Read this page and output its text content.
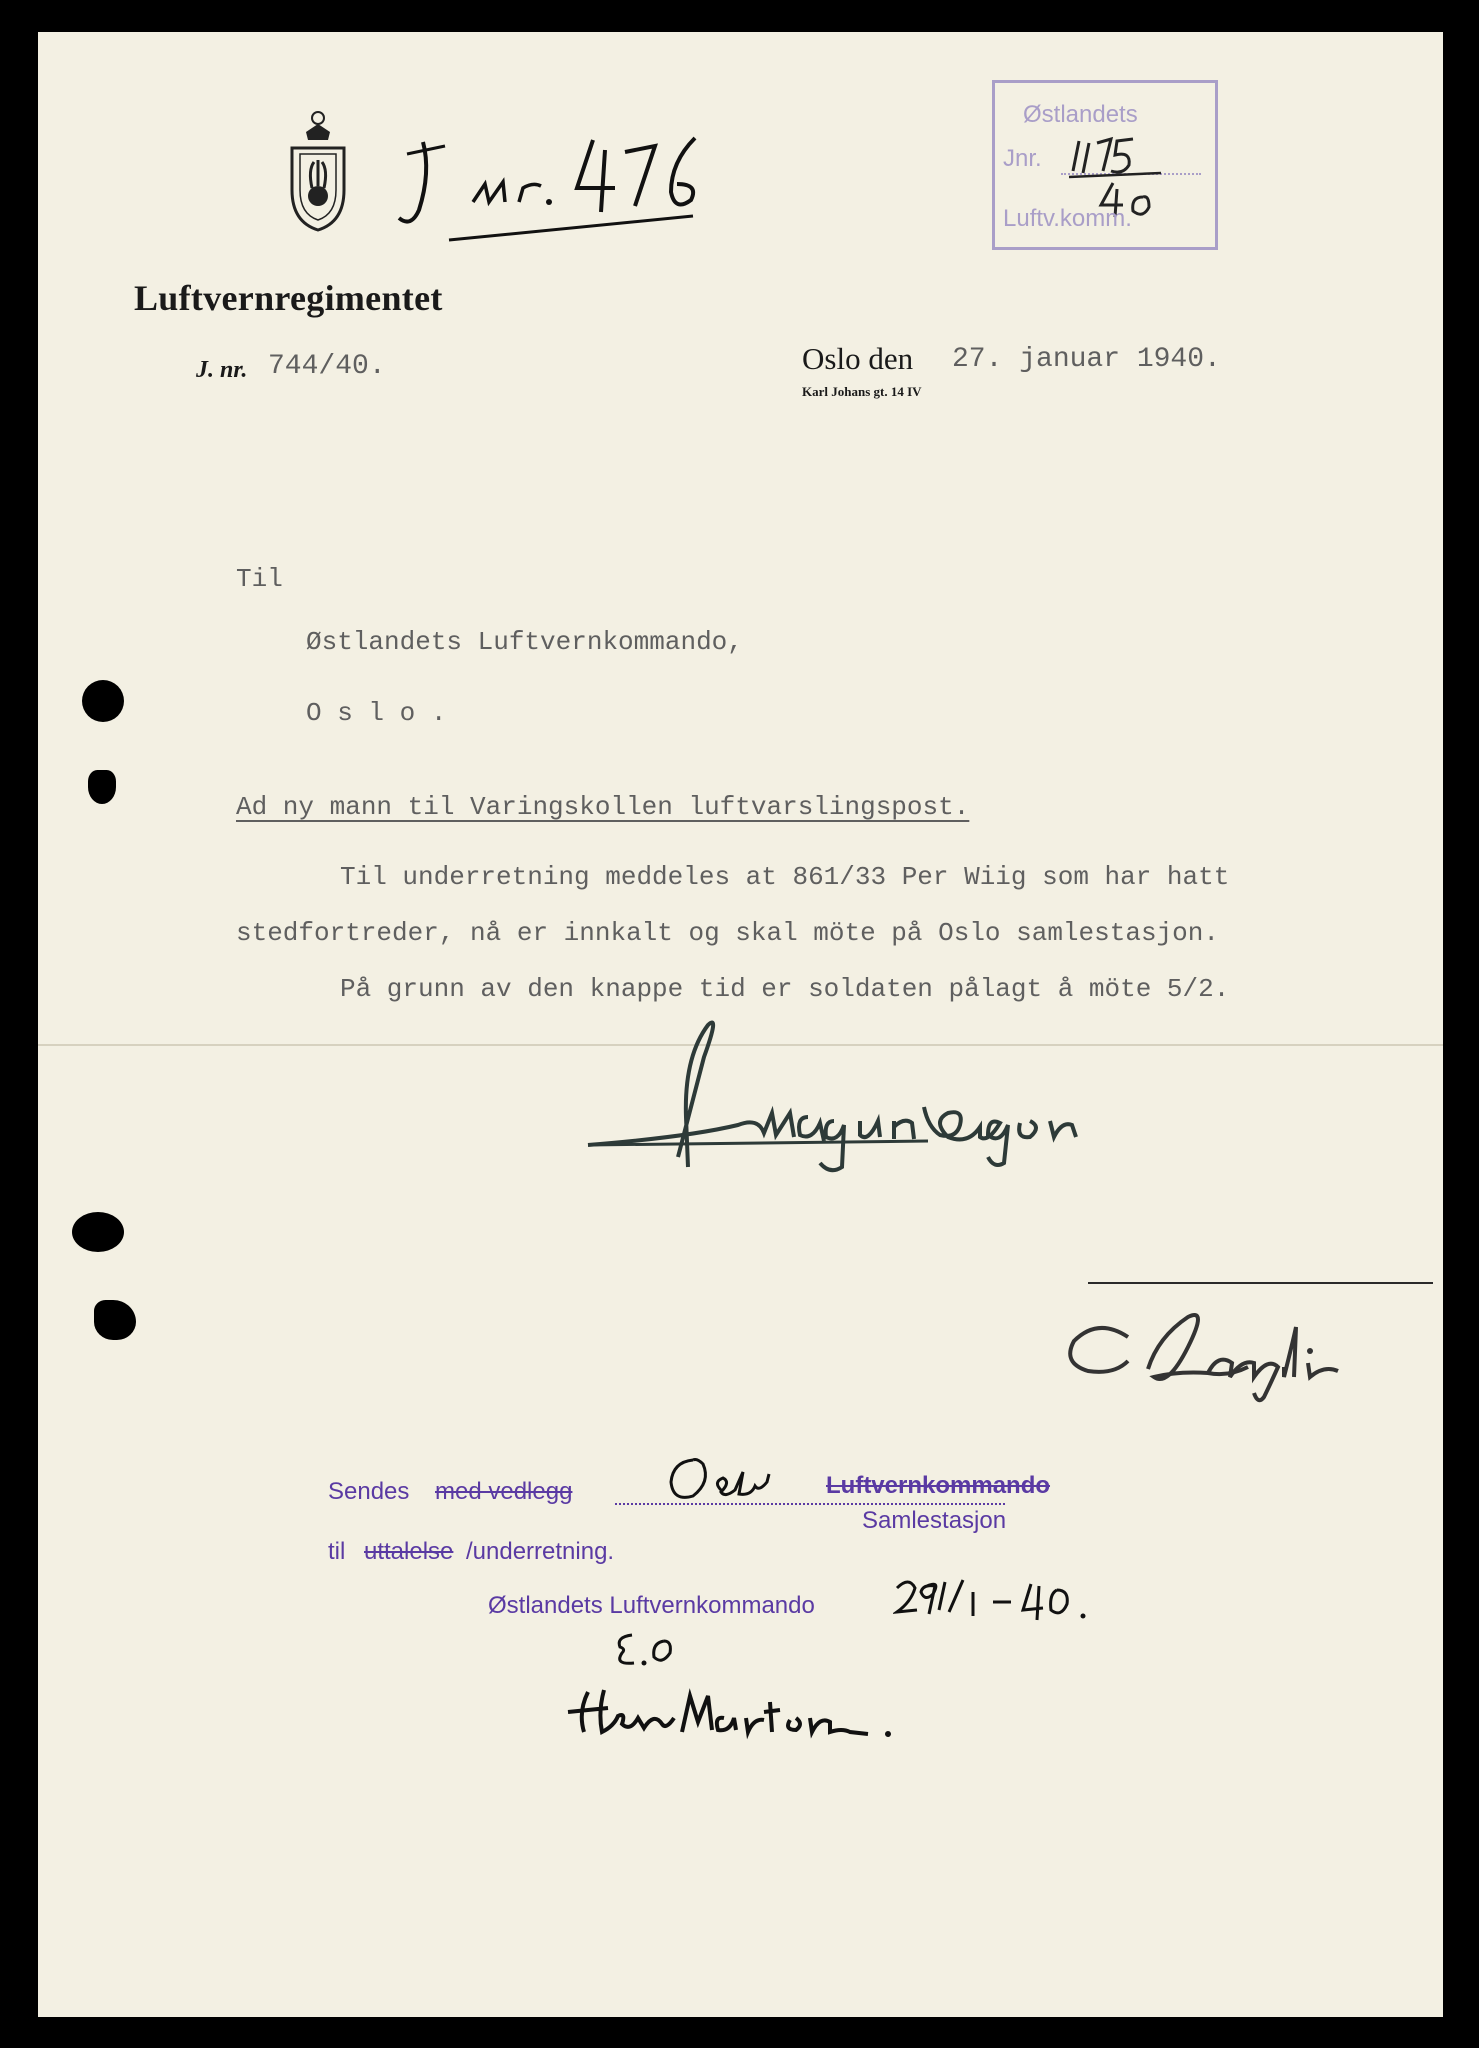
Luftvernregimentet
J. nr. 744/40.	Oslo den 27. januar 1940.
Karl Johans gt. 14 IV
Østlandets
Jnr.
Luftv.komm.
Til
Østlandets Luftvernkommando,
O s l o .
Ad ny mann til Varingskollen luftvarslingspost.
Til underretning meddeles at 861/33 Per Wiig som har hatt
stedfortreder, nå er innkalt og skal möte på Oslo samlestasjon.
På grunn av den knappe tid er soldaten pålagt å möte 5/2.
Sendes med vedlegg	Luftvernkommando
Samlestasjon
til uttalelse /underretning.
Østlandets Luftvernkommando
